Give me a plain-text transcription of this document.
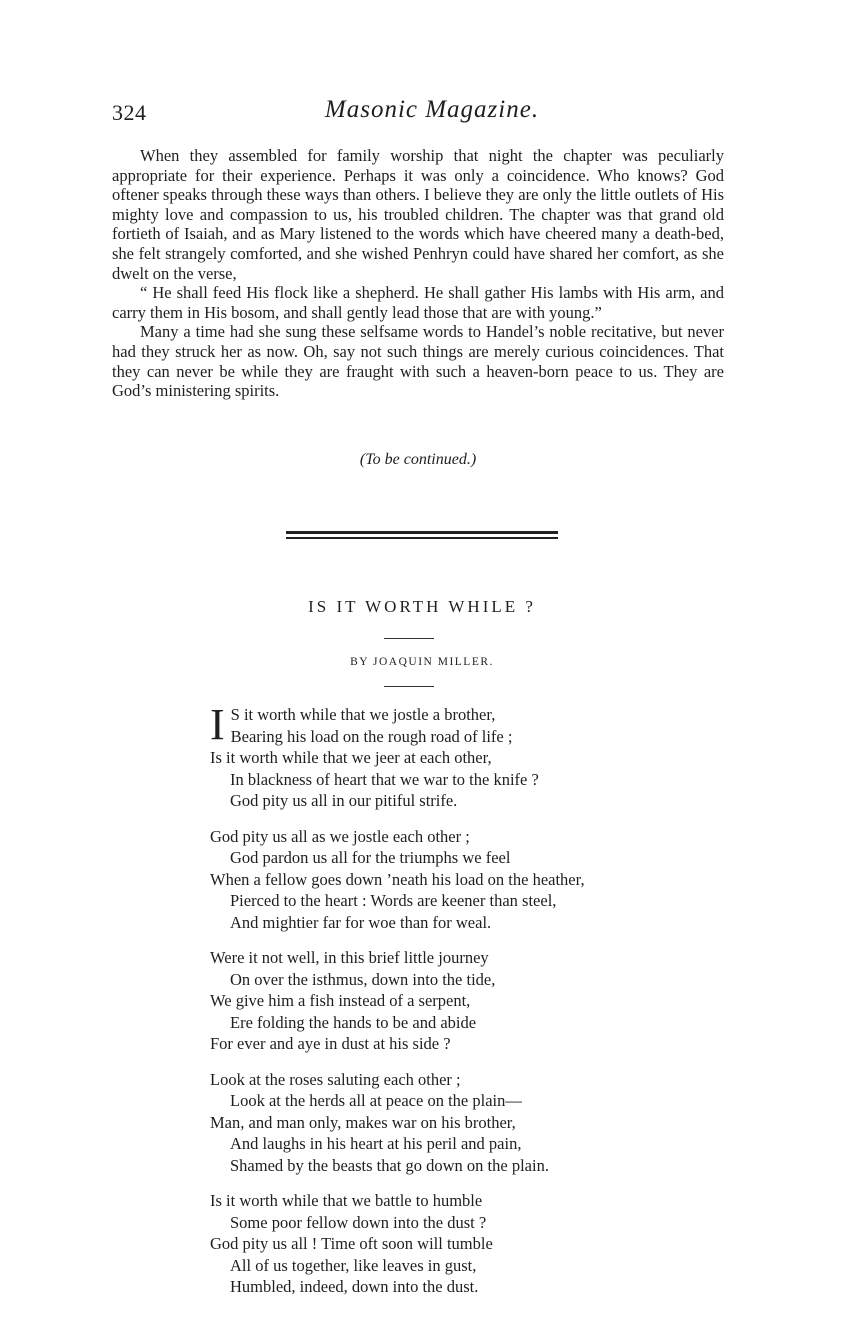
324	Masonic Magazine.

When they assembled for family worship that night the chapter was peculiarly appropriate for their experience. Perhaps it was only a coincidence. Who knows? God oftener speaks through these ways than others. I believe they are only the little outlets of His mighty love and compassion to us, his troubled children. The chapter was that grand old fortieth of Isaiah, and as Mary listened to the words which have cheered many a death-bed, she felt strangely comforted, and she wished Penhryn could have shared her comfort, as she dwelt on the verse,

“ He shall feed His flock like a shepherd. He shall gather His lambs with His arm, and carry them in His bosom, and shall gently lead those that are with young.”

Many a time had she sung these selfsame words to Handel’s noble recitative, but never had they struck her as now. Oh, say not such things are merely curious coincidences. That they can never be while they are fraught with such a heaven-born peace to us. They are God’s ministering spirits.

(To be continued.)
IS IT WORTH WHILE ?
BY JOAQUIN MILLER.
I S it worth while that we jostle a brother,
Bearing his load on the rough road of life ;
Is it worth while that we jeer at each other,
In blackness of heart that we war to the knife ?
God pity us all in our pitiful strife.
God pity us all as we jostle each other ;
God pardon us all for the triumphs we feel
When a fellow goes down ’neath his load on the heather,
Pierced to the heart : Words are keener than steel,
And mightier far for woe than for weal.
Were it not well, in this brief little journey
On over the isthmus, down into the tide,
We give him a fish instead of a serpent,
Ere folding the hands to be and abide
For ever and aye in dust at his side ?
Look at the roses saluting each other ;
Look at the herds all at peace on the plain—
Man, and man only, makes war on his brother,
And laughs in his heart at his peril and pain,
Shamed by the beasts that go down on the plain.
Is it worth while that we battle to humble
Some poor fellow down into the dust ?
God pity us all ! Time oft soon will tumble
All of us together, like leaves in gust,
Humbled, indeed, down into the dust.
